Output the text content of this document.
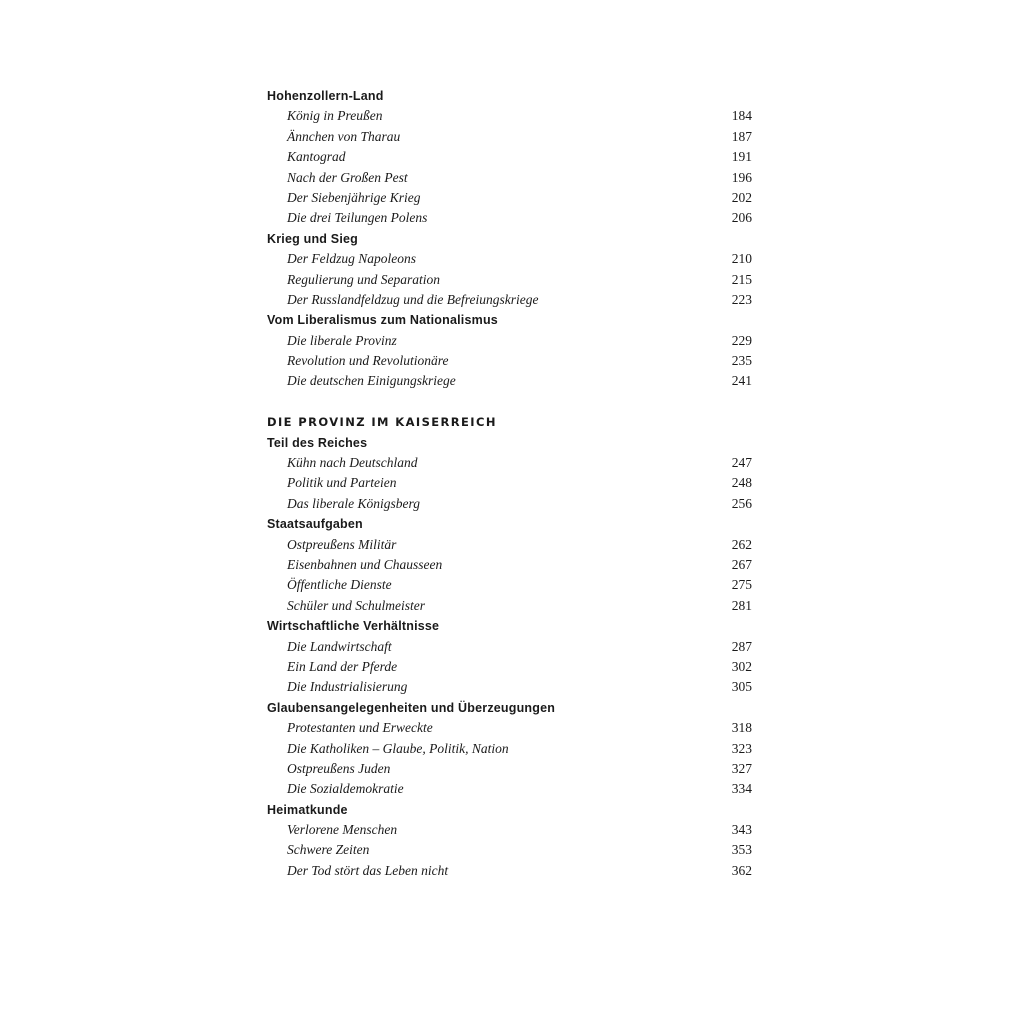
Hohenzollern-Land
König in Preußen	184
Ännchen von Tharau	187
Kantograd	191
Nach der Großen Pest	196
Der Siebenjährige Krieg	202
Die drei Teilungen Polens	206
Krieg und Sieg
Der Feldzug Napoleons	210
Regulierung und Separation	215
Der Russlandfeldzug und die Befreiungskriege	223
Vom Liberalismus zum Nationalismus
Die liberale Provinz	229
Revolution und Revolutionäre	235
Die deutschen Einigungskriege	241
DIE PROVINZ IM KAISERREICH
Teil des Reiches
Kühn nach Deutschland	247
Politik und Parteien	248
Das liberale Königsberg	256
Staatsaufgaben
Ostpreußens Militär	262
Eisenbahnen und Chausseen	267
Öffentliche Dienste	275
Schüler und Schulmeister	281
Wirtschaftliche Verhältnisse
Die Landwirtschaft	287
Ein Land der Pferde	302
Die Industrialisierung	305
Glaubensangelegenheiten und Überzeugungen
Protestanten und Erweckte	318
Die Katholiken – Glaube, Politik, Nation	323
Ostpreußens Juden	327
Die Sozialdemokratie	334
Heimatkunde
Verlorene Menschen	343
Schwere Zeiten	353
Der Tod stört das Leben nicht	362
